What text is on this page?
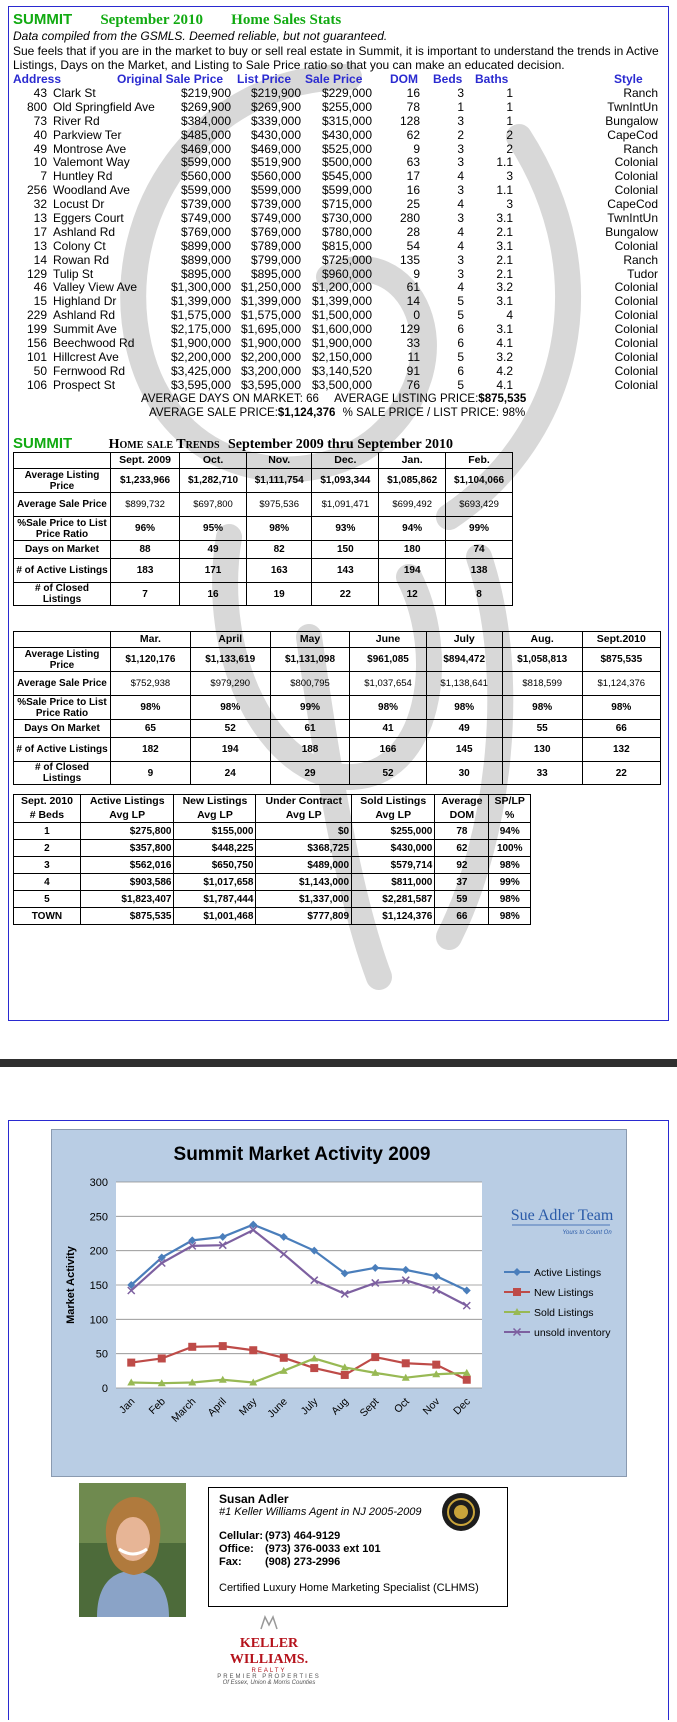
SUMMIT September 2010 Home Sales Stats
Data compiled from the GSMLS. Deemed reliable, but not guaranteed.
Sue feels that if you are in the market to buy or sell real estate in Summit, it is important to understand the trends in Active Listings, Days on the Market, and Listing to Sale Price ratio so that you can make an educated decision.
Address	Original Sale Price List Price Sale Price DOM Beds Baths	Style
43 Clark St	$219,900 $219,900 $229,000	16	3	1	Ranch
800 Old Springfield Ave $269,900 $269,900 $255,000	78	1	1	TwnIntUn
73 River Rd	$384,000 $339,000 $315,000 128	3	1	Bungalow
40 Parkview Ter	$485,000 $430,000 $430,000	62	2	2	CapeCod
49 Montrose Ave	$469,000 $469,000 $525,000	9	3	2	Ranch
10 Valemont Way	$599,000 $519,900 $500,000	63	3	1.1	Colonial
7 Huntley Rd	$560,000 $560,000 $545,000	17	4	3	Colonial
256 Woodland Ave	$599,000 $599,000 $599,000	16	3	1.1	Colonial
32 Locust Dr	$739,000 $739,000 $715,000	25	4	3	CapeCod
13 Eggers Court	$749,000 $749,000 $730,000 280	3	3.1	TwnIntUn
17 Ashland Rd	$769,000 $769,000 $780,000	28	4	2.1	Bungalow
13 Colony Ct	$899,000 $789,000 $815,000	54	4	3.1	Colonial
14 Rowan Rd	$899,000 $799,000 $725,000 135	3	2.1	Ranch
129 Tulip St	$895,000 $895,000 $960,000	9	3	2.1	Tudor
46 Valley View Ave	$1,300,000 $1,250,000 $1,200,000	61	4	3.2	Colonial
15 Highland Dr	$1,399,000 $1,399,000 $1,399,000	14	5	3.1	Colonial
229 Ashland Rd	$1,575,000 $1,575,000 $1,500,000	0	5	4	Colonial
199 Summit Ave	$2,175,000 $1,695,000 $1,600,000 129	6	3.1	Colonial
156 Beechwood Rd	$1,900,000 $1,900,000 $1,900,000	33	6	4.1	Colonial
101 Hillcrest Ave	$2,200,000 $2,200,000 $2,150,000	11	5	3.2	Colonial
50 Fernwood Rd	$3,425,000 $3,200,000 $3,140,520	91	6	4.2	Colonial
106 Prospect St	$3,595,000 $3,595,000 $3,500,000	76	5	4.1	Colonial
AVERAGE DAYS ON MARKET: 66 AVERAGE LISTING PRICE:$875,535
AVERAGE SALE PRICE:$1,124,376 % SALE PRICE / LIST PRICE: 98%
SUMMIT	Home sale Trends September 2009 thru September 2010
	Sept. 2009	Oct.	Nov.	Dec.	Jan.	Feb.
Average Listing Price	$1,233,966	$1,282,710	$1,111,754	$1,093,344	$1,085,862	$1,104,066
Average Sale Price	$899,732	$697,800	$975,536	$1,091,471	$699,492	$693,429
%Sale Price to List Price Ratio	96%	95%	98%	93%	94%	99%
Days on Market	88	49	82	150	180	74
# of Active Listings	183	171	163	143	194	138
# of Closed Listings	7	16	19	22	12	8
	Mar.	April	May	June	July	Aug.	Sept.2010
Average Listing Price	$1,120,176	$1,133,619	$1,131,098	$961,085	$894,472	$1,058,813	$875,535
Average Sale Price	$752,938	$979,290	$800,795	$1,037,654	$1,138,641	$818,599	$1,124,376
%Sale Price to List Price Ratio	98%	98%	99%	98%	98%	98%	98%
Days On Market	65	52	61	41	49	55	66
# of Active Listings	182	194	188	166	145	130	132
# of Closed Listings	9	24	29	52	30	33	22
Sept. 2010	Active Listings	New Listings	Under Contract	Sold Listings	Average	SP/LP
# Beds	Avg LP	Avg LP	Avg LP	Avg LP	DOM	%
1	$275,800	$155,000	$0	$255,000	78	94%
2	$357,800	$448,225	$368,725	$430,000	62	100%
3	$562,016	$650,750	$489,000	$579,714	92	98%
4	$903,586	$1,017,658	$1,143,000	$811,000	37	99%
5	$1,823,407	$1,787,444	$1,337,000	$2,281,587	59	98%
TOWN	$875,535	$1,001,468	$777,809	$1,124,376	66	98%
Summit Market Activity 2009
0
50
100
150
200
250
300
Jan Feb March April May June July Aug Sept Oct Nov Dec
Market Activity	Active Listings
New Listings
Sold Listings
unsold inventory
Sue Adler Team
Yours to Count On
Susan Adler
#1 Keller Williams Agent in NJ 2005-2009
Cellular: (973) 464-9129
Office: (973) 376-0033 ext 101
Fax: (908) 273-2996
Certified Luxury Home Marketing Specialist (CLHMS)
KELLER WILLIAMS.
REALTY
PREMIER PROPERTIES
Of Essex, Union & Morris Counties
